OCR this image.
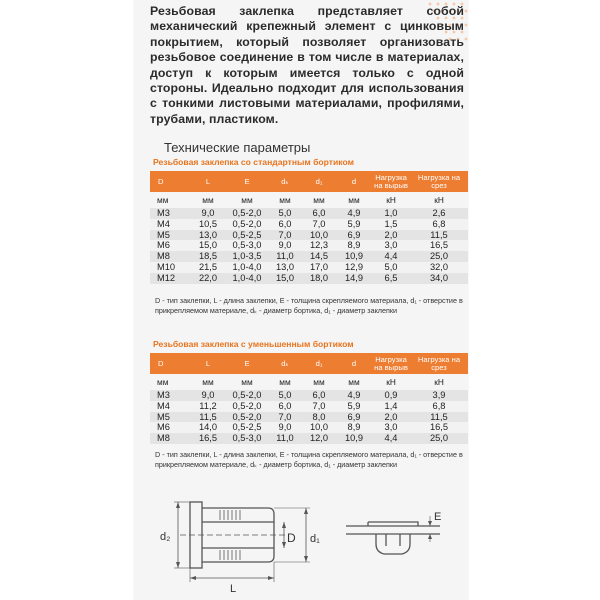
Резьбовая заклепка представляет собой механический крепежный элемент с цинковым покрытием, который позволяет организовать резьбовое соединение в том числе в материалах, доступ к которым имеется только с одной стороны. Идеально подходит для использования с тонкими листовыми материалами, профилями, трубами, пластиком.
Технические параметры
Резьбовая заклепка со стандартным бортиком
D	L	E	dₖ	d₁	d	Нагрузка на вырыв	Нагрузка на срез
мм	мм	мм	мм	мм	мм	кН	кН
M3	9,0	0,5-2,0	5,0	6,0	4,9	1,0	2,6
M4	10,5	0,5-2,0	6,0	7,0	5,9	1,5	6,8
M5	13,0	0,5-2,5	7,0	10,0	6,9	2,0	11,5
M6	15,0	0,5-3,0	9,0	12,3	8,9	3,0	16,5
M8	18,5	1,0-3,5	11,0	14,5	10,9	4,4	25,0
M10	21,5	1,0-4,0	13,0	17,0	12,9	5,0	32,0
M12	22,0	1,0-4,0	15,0	18,0	14,9	6,5	34,0
D - тип заклепки, L - длина заклепки, E - толщина скрепляемого материала, d₁ - отверстие в прикрепляемом материале, dₖ - диаметр бортика, d₁ - диаметр заклепки
Резьбовая заклепка с уменьшенным бортиком
D	L	E	dₖ	d₁	d	Нагрузка на вырыв	Нагрузка на срез
мм	мм	мм	мм	мм	мм	кН	кН
M3	9,0	0,5-2,0	5,0	6,0	4,9	0,9	3,9
M4	11,2	0,5-2,0	6,0	7,0	5,9	1,4	6,8
M5	11,5	0,5-2,0	7,0	8,0	6,9	2,0	11,5
M6	14,0	0,5-2,5	9,0	10,0	8,9	3,0	16,5
M8	16,5	0,5-3,0	11,0	12,0	10,9	4,4	25,0
D - тип заклепки, L - длина заклепки, E - толщина скрепляемого материала, d₁ - отверстие в прикрепляемом материале, dₖ - диаметр бортика, d₁ - диаметр заклепки
d₂	D d₁
L
E
